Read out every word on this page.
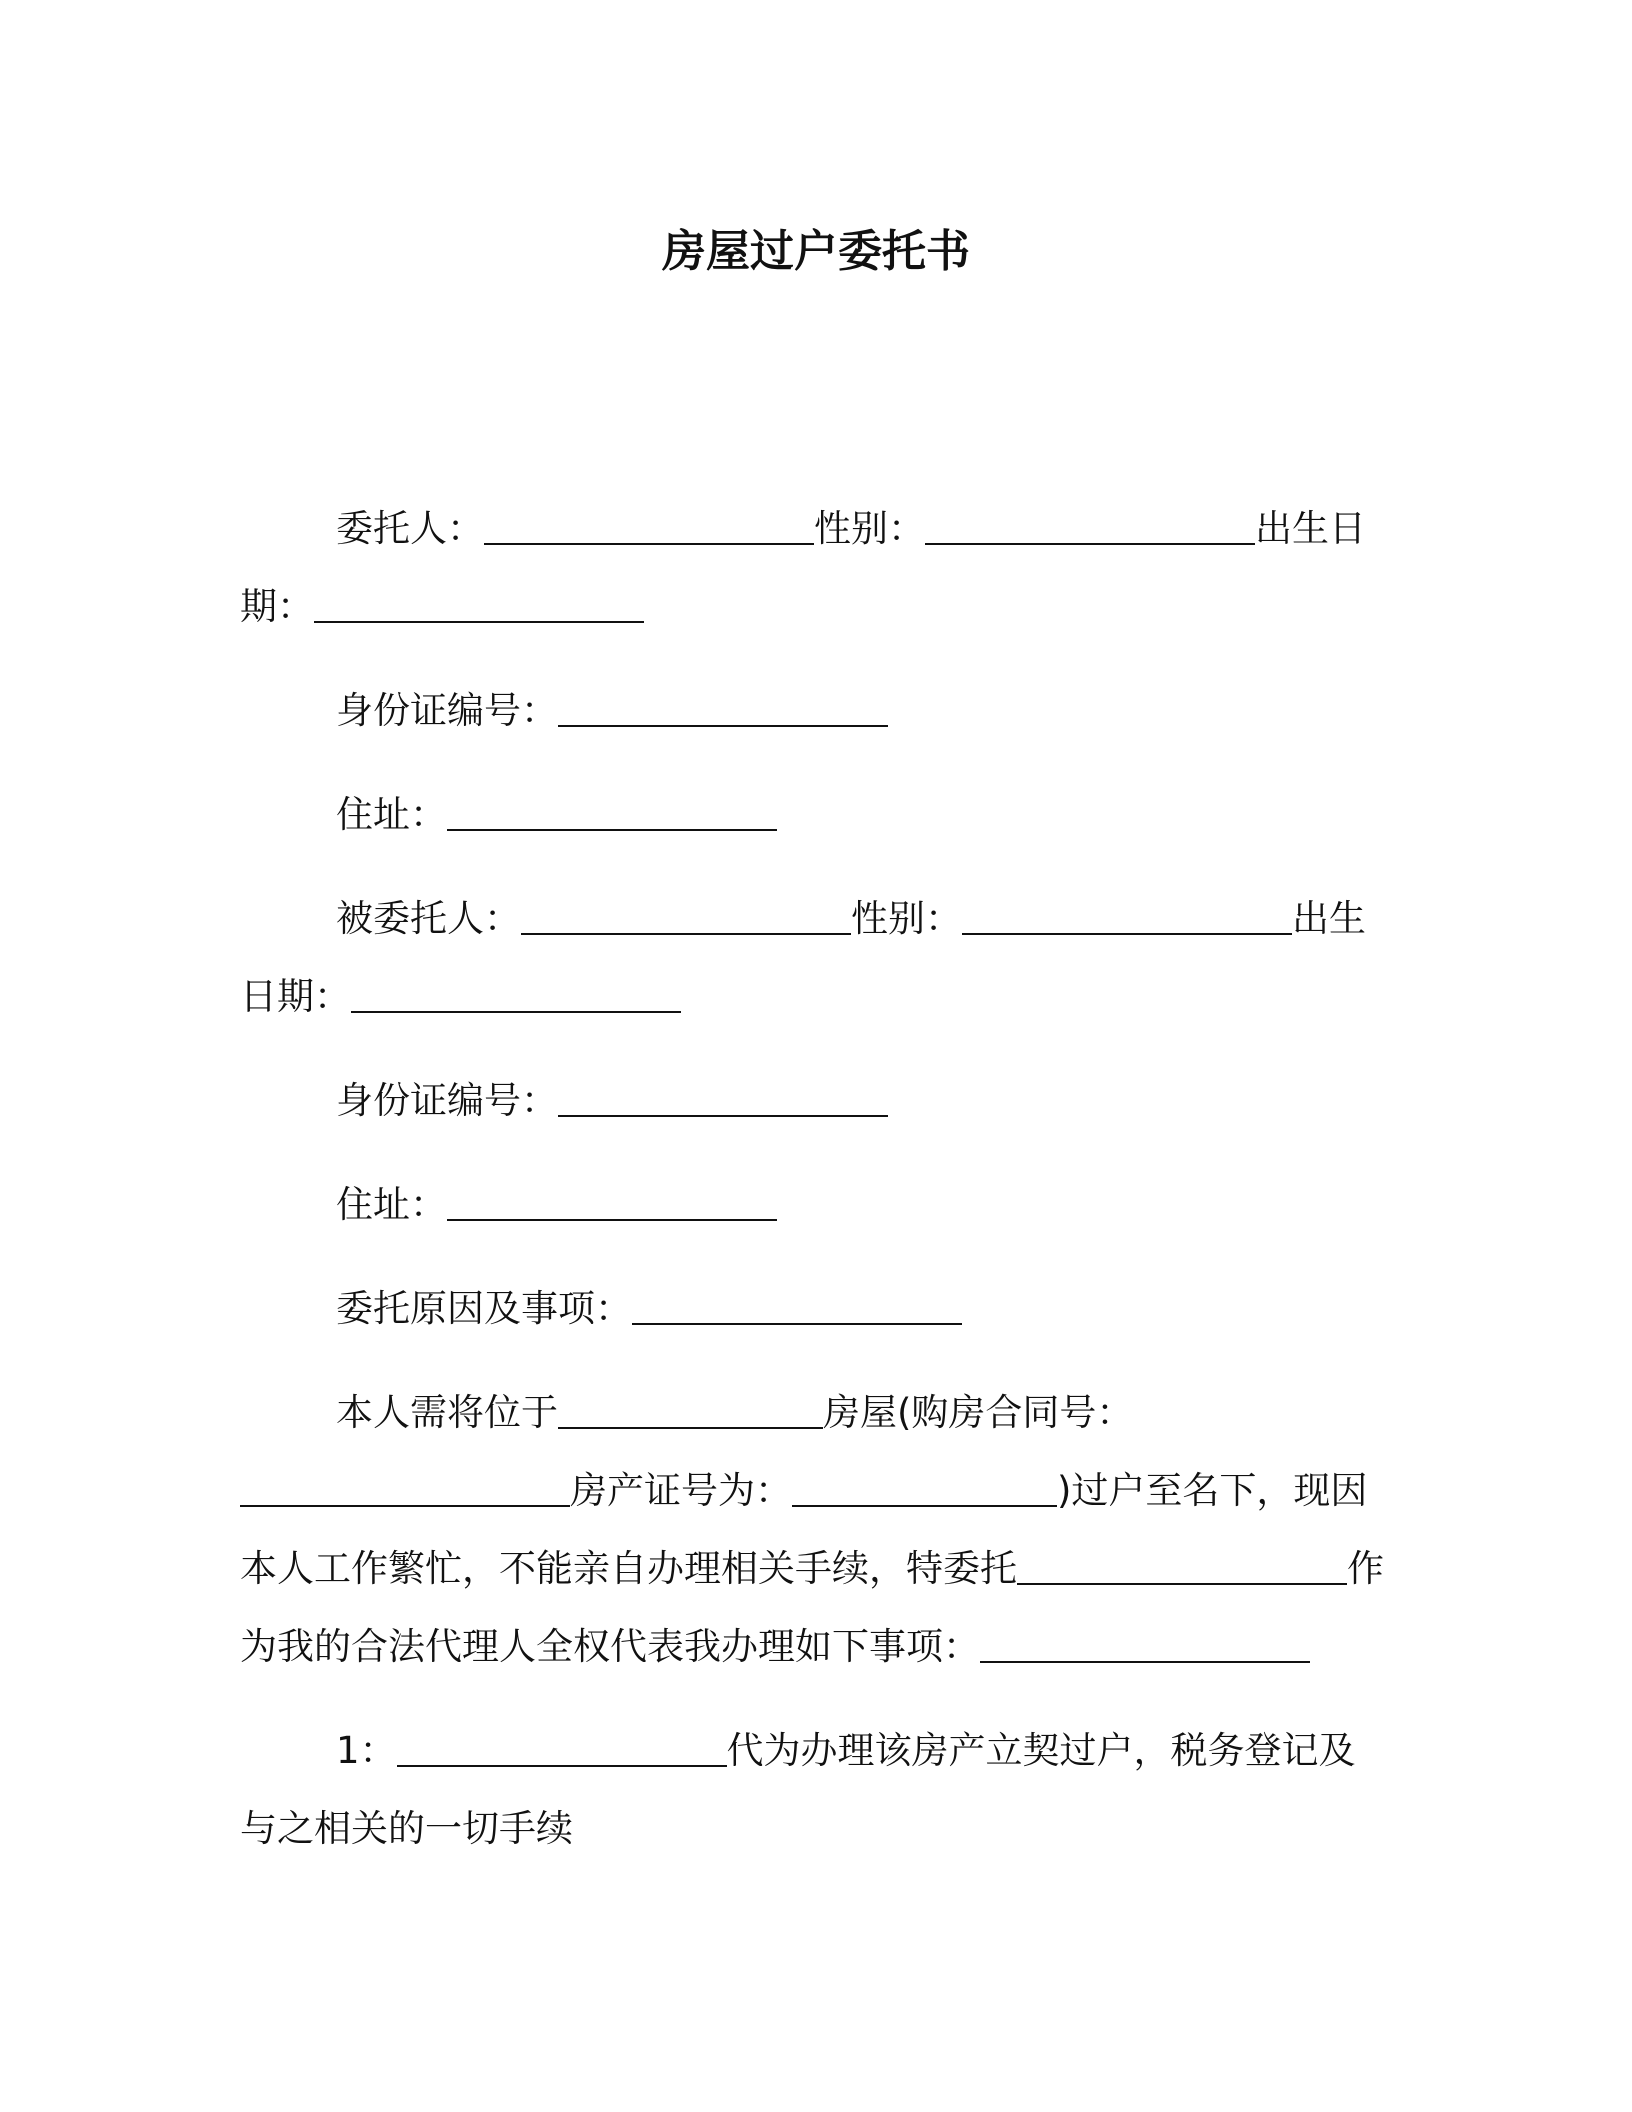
房屋过户委托书

委托人：	性别：	出生日期：

身份证编号：

住址：

被委托人：	性别：	出生日期：

身份证编号：

住址：

委托原因及事项：

本人需将位于	房屋(购房合同号：房产证号为：	)过户至名下，现因本人工作繁忙，不能亲自办理相关手续，特委托	作为我的合法代理人全权代表我办理如下事项：

1：	代为办理该房产立契过户，税务登记及与之相关的一切手续
